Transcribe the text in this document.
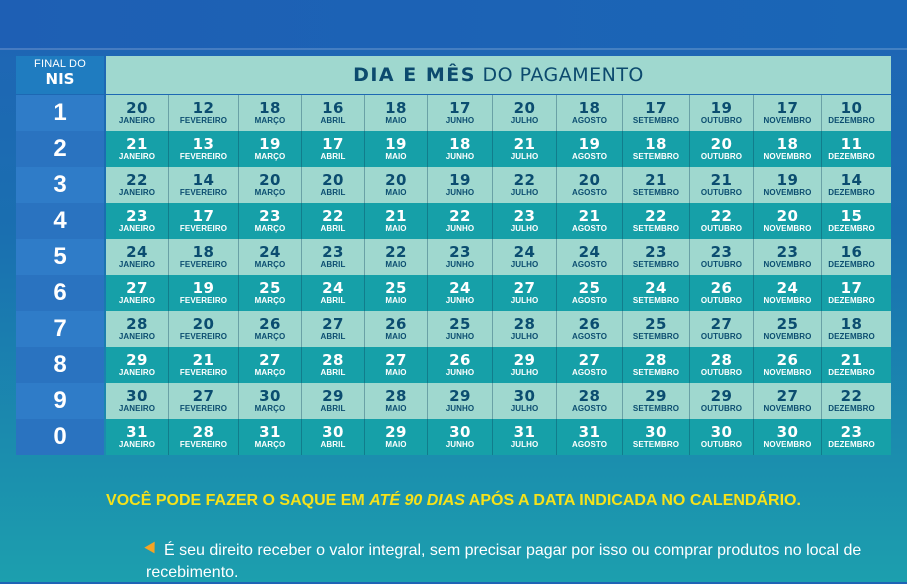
FINAL DO
NIS	DIA E MÊS DO PAGAMENTO
1	20
JANEIRO
12
FEVEREIRO
18
MARÇO
16
ABRIL
18
MAIO
17
JUNHO
20
JULHO
18
AGOSTO
17
SETEMBRO
19
OUTUBRO
17
NOVEMBRO
10
DEZEMBRO
2	21
JANEIRO
13
FEVEREIRO
19
MARÇO
17
ABRIL
19
MAIO
18
JUNHO
21
JULHO
19
AGOSTO
18
SETEMBRO
20
OUTUBRO
18
NOVEMBRO
11
DEZEMBRO
3	22
JANEIRO
14
FEVEREIRO
20
MARÇO
20
ABRIL
20
MAIO
19
JUNHO
22
JULHO
20
AGOSTO
21
SETEMBRO
21
OUTUBRO
19
NOVEMBRO
14
DEZEMBRO
4	23
JANEIRO
17
FEVEREIRO
23
MARÇO
22
ABRIL
21
MAIO
22
JUNHO
23
JULHO
21
AGOSTO
22
SETEMBRO
22
OUTUBRO
20
NOVEMBRO
15
DEZEMBRO
5	24
JANEIRO
18
FEVEREIRO
24
MARÇO
23
ABRIL
22
MAIO
23
JUNHO
24
JULHO
24
AGOSTO
23
SETEMBRO
23
OUTUBRO
23
NOVEMBRO
16
DEZEMBRO
6	27
JANEIRO
19
FEVEREIRO
25
MARÇO
24
ABRIL
25
MAIO
24
JUNHO
27
JULHO
25
AGOSTO
24
SETEMBRO
26
OUTUBRO
24
NOVEMBRO
17
DEZEMBRO
7	28
JANEIRO
20
FEVEREIRO
26
MARÇO
27
ABRIL
26
MAIO
25
JUNHO
28
JULHO
26
AGOSTO
25
SETEMBRO
27
OUTUBRO
25
NOVEMBRO
18
DEZEMBRO
8	29
JANEIRO
21
FEVEREIRO
27
MARÇO
28
ABRIL
27
MAIO
26
JUNHO
29
JULHO
27
AGOSTO
28
SETEMBRO
28
OUTUBRO
26
NOVEMBRO
21
DEZEMBRO
9	30
JANEIRO
27
FEVEREIRO
30
MARÇO
29
ABRIL
28
MAIO
29
JUNHO
30
JULHO
28
AGOSTO
29
SETEMBRO
29
OUTUBRO
27
NOVEMBRO
22
DEZEMBRO
0	31
JANEIRO
28
FEVEREIRO
31
MARÇO
30
ABRIL
29
MAIO
30
JUNHO
31
JULHO
31
AGOSTO
30
SETEMBRO
30
OUTUBRO
30
NOVEMBRO
23
DEZEMBRO
VOCÊ PODE FAZER O SAQUE EM ATÉ 90 DIAS APÓS A DATA INDICADA NO CALENDÁRIO.
É seu direito receber o valor integral, sem precisar pagar por isso ou comprar produtos no local de recebimento.
